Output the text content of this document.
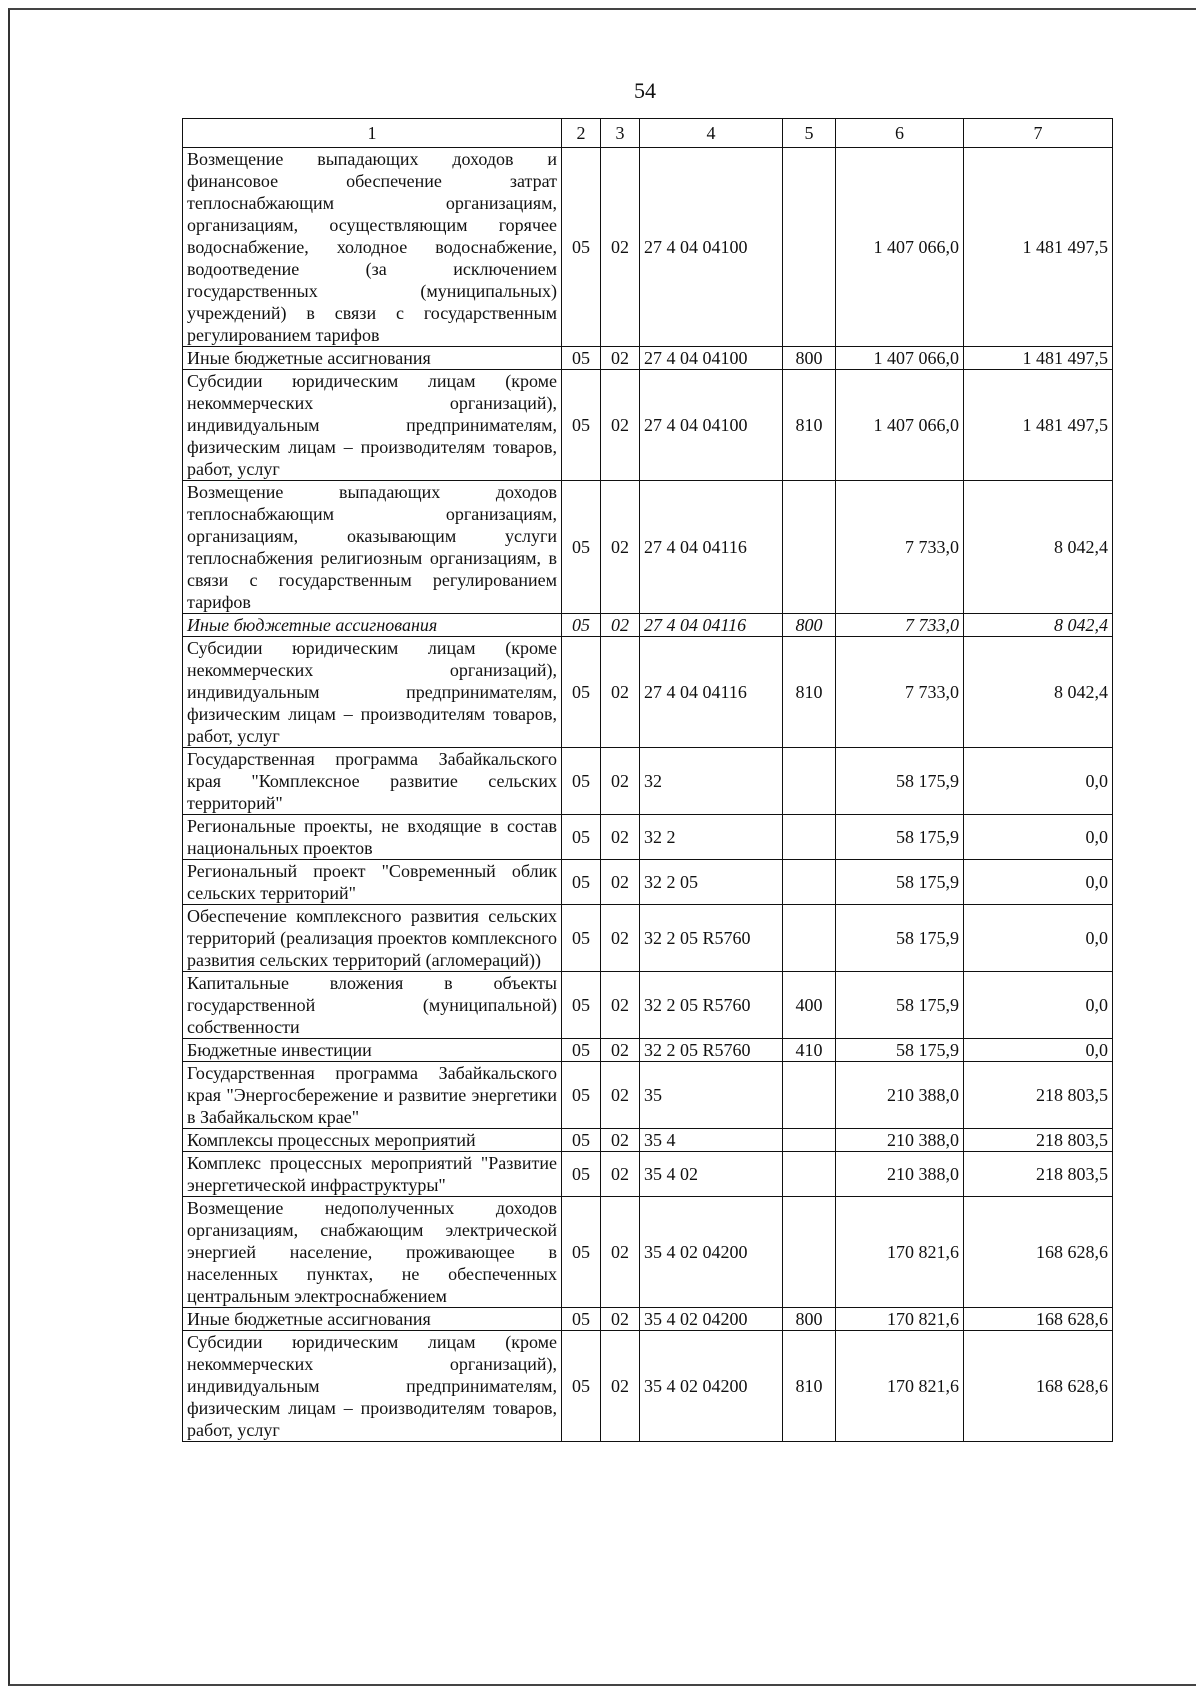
54
1	2	3	4	5	6	7
Возмещение выпадающих доходов и финансовое обеспечение затрат теплоснабжающим организациям, организациям, осуществляющим горячее водоснабжение, холодное водоснабжение, водоотведение (за исключением государственных (муниципальных) учреждений) в связи с государственным регулированием тарифов	05	02	27 4 04 04100		1 407 066,0	1 481 497,5
Иные бюджетные ассигнования	05	02	27 4 04 04100	800	1 407 066,0	1 481 497,5
Субсидии юридическим лицам (кроме некоммерческих организаций), индивидуальным предпринимателям, физическим лицам – производителям товаров, работ, услуг	05	02	27 4 04 04100	810	1 407 066,0	1 481 497,5
Возмещение выпадающих доходов теплоснабжающим организациям, организациям, оказывающим услуги теплоснабжения религиозным организациям, в связи с государственным регулированием тарифов	05	02	27 4 04 04116		7 733,0	8 042,4
Иные бюджетные ассигнования	05	02	27 4 04 04116	800	7 733,0	8 042,4
Субсидии юридическим лицам (кроме некоммерческих организаций), индивидуальным предпринимателям, физическим лицам – производителям товаров, работ, услуг	05	02	27 4 04 04116	810	7 733,0	8 042,4
Государственная программа Забайкальского края "Комплексное развитие сельских территорий"	05	02	32		58 175,9	0,0
Региональные проекты, не входящие в состав национальных проектов	05	02	32 2		58 175,9	0,0
Региональный проект "Современный облик сельских территорий"	05	02	32 2 05		58 175,9	0,0
Обеспечение комплексного развития сельских территорий (реализация проектов комплексного развития сельских территорий (агломераций))	05	02	32 2 05 R5760		58 175,9	0,0
Капитальные вложения в объекты государственной (муниципальной) собственности	05	02	32 2 05 R5760	400	58 175,9	0,0
Бюджетные инвестиции	05	02	32 2 05 R5760	410	58 175,9	0,0
Государственная программа Забайкальского края "Энергосбережение и развитие энергетики в Забайкальском крае"	05	02	35		210 388,0	218 803,5
Комплексы процессных мероприятий	05	02	35 4		210 388,0	218 803,5
Комплекс процессных мероприятий "Развитие энергетической инфраструктуры"	05	02	35 4 02		210 388,0	218 803,5
Возмещение недополученных доходов организациям, снабжающим электрической энергией население, проживающее в населенных пунктах, не обеспеченных центральным электроснабжением	05	02	35 4 02 04200		170 821,6	168 628,6
Иные бюджетные ассигнования	05	02	35 4 02 04200	800	170 821,6	168 628,6
Субсидии юридическим лицам (кроме некоммерческих организаций), индивидуальным предпринимателям, физическим лицам – производителям товаров, работ, услуг	05	02	35 4 02 04200	810	170 821,6	168 628,6
